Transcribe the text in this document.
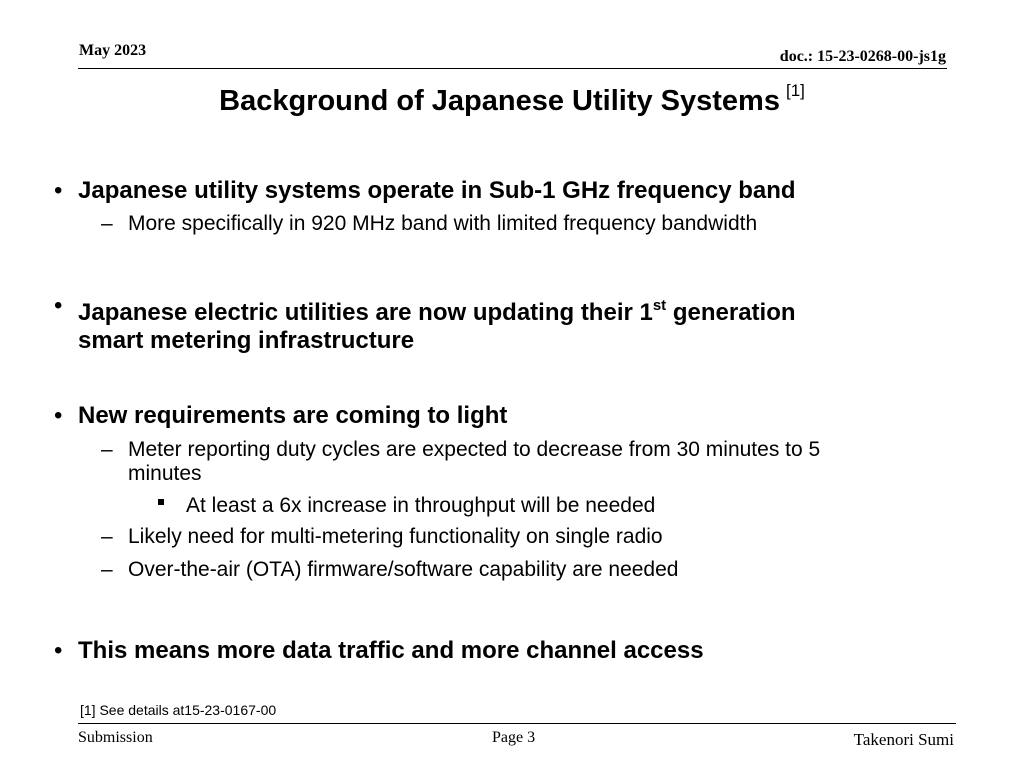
May 2023	doc.: 15-23-0268-00-js1g
Background of Japanese Utility Systems [1]
• Japanese utility systems operate in Sub-1 GHz frequency band
– More specifically in 920 MHz band with limited frequency bandwidth
• Japanese electric utilities are now updating their 1st generation
smart metering infrastructure
• New requirements are coming to light
– Meter reporting duty cycles are expected to decrease from 30 minutes to 5
minutes
At least a 6x increase in throughput will be needed
– Likely need for multi-metering functionality on single radio
– Over-the-air (OTA) firmware/software capability are needed
• This means more data traffic and more channel access
[1] See details at15-23-0167-00
Submission	Page 3	Takenori Sumi
